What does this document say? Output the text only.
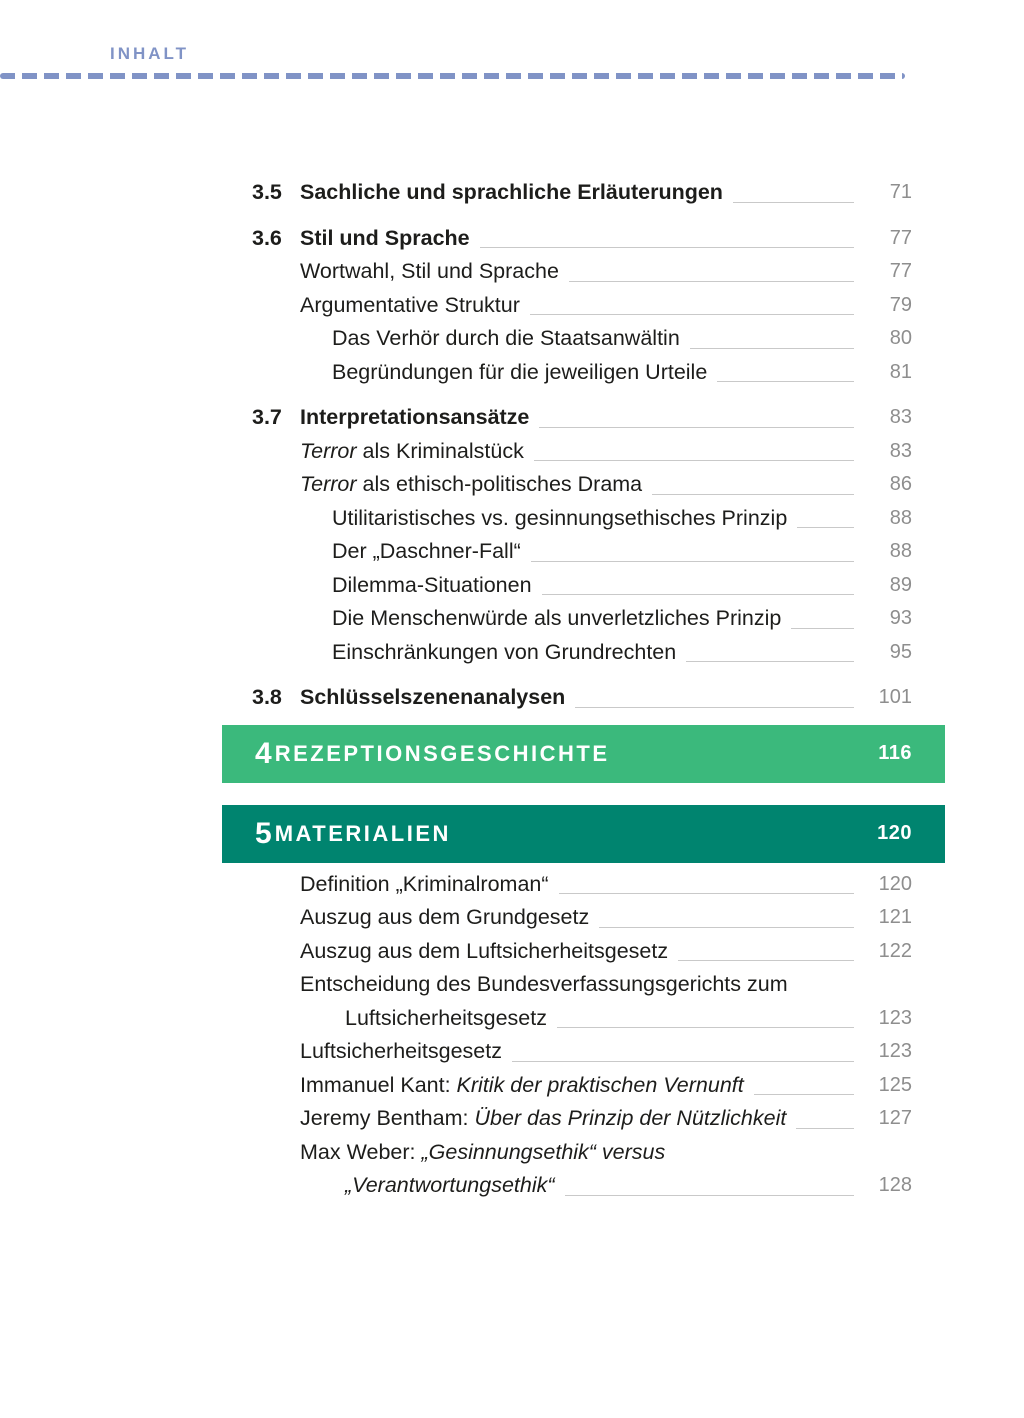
INHALT
3.5 Sachliche und sprachliche Erläuterungen	71
3.6 Stil und Sprache	77
Wortwahl, Stil und Sprache	77
Argumentative Struktur	79
Das Verhör durch die Staatsanwältin	80
Begründungen für die jeweiligen Urteile	81
3.7 Interpretationsansätze	83
Terror als Kriminalstück	83
Terror als ethisch-politisches Drama	86
Utilitaristisches vs. gesinnungsethisches Prinzip	88
Der „Daschner-Fall“	88
Dilemma-Situationen	89
Die Menschenwürde als unverletzliches Prinzip	93
Einschränkungen von Grundrechten	95
3.8 Schlüsselszenenanalysen	101
4 REZEPTIONSGESCHICHTE	116
5 MATERIALIEN	120
Definition „Kriminalroman“	120
Auszug aus dem Grundgesetz	121
Auszug aus dem Luftsicherheitsgesetz	122
Entscheidung des Bundesverfassungsgerichts zum
Luftsicherheitsgesetz	123
Luftsicherheitsgesetz	123
Immanuel Kant: Kritik der praktischen Vernunft	125
Jeremy Bentham: Über das Prinzip der Nützlichkeit	127
Max Weber: „Gesinnungsethik“ versus
„Verantwortungsethik“	128
